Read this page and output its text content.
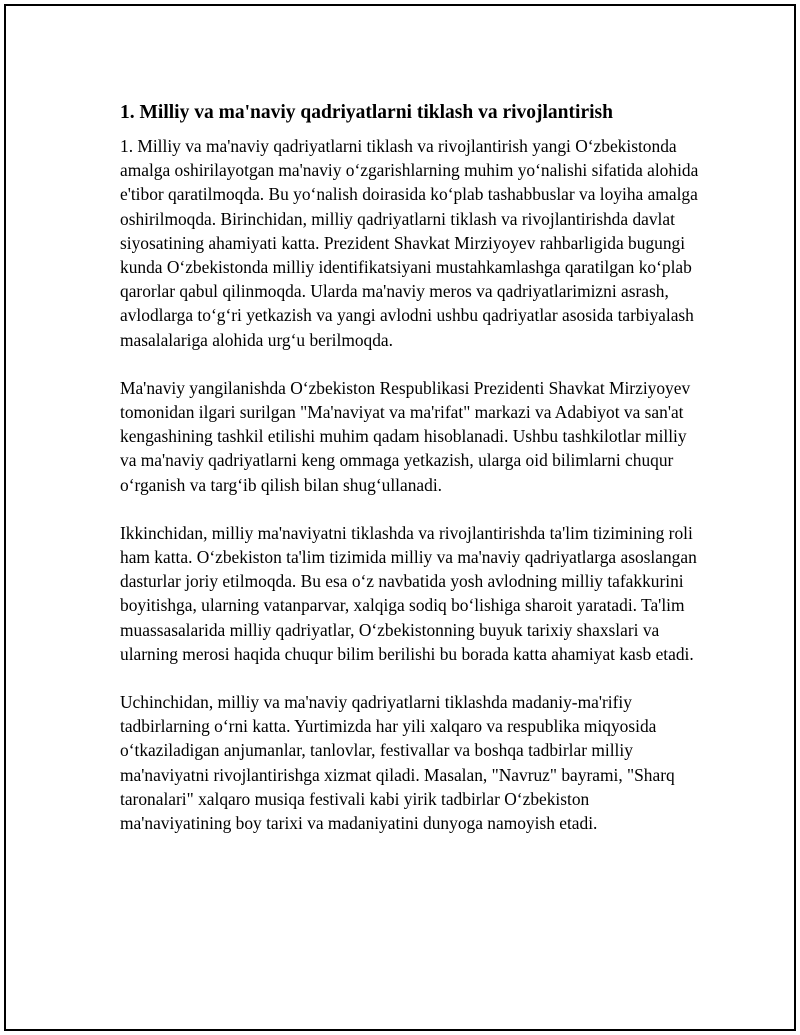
1. Milliy va ma'naviy qadriyatlarni tiklash va rivojlantirish

1. Milliy va ma'naviy qadriyatlarni tiklash va rivojlantirish yangi O‘zbekistonda amalga oshirilayotgan ma'naviy o‘zgarishlarning muhim yo‘nalishi sifatida alohida e'tibor qaratilmoqda. Bu yo‘nalish doirasida ko‘plab tashabbuslar va loyiha amalga oshirilmoqda. Birinchidan, milliy qadriyatlarni tiklash va rivojlantirishda davlat siyosatining ahamiyati katta. Prezident Shavkat Mirziyoyev rahbarligida bugungi kunda O‘zbekistonda milliy identifikatsiyani mustahkamlashga qaratilgan ko‘plab qarorlar qabul qilinmoqda. Ularda ma'naviy meros va qadriyatlarimizni asrash, avlodlarga to‘g‘ri yetkazish va yangi avlodni ushbu qadriyatlar asosida tarbiyalash masalalariga alohida urg‘u berilmoqda.

Ma'naviy yangilanishda O‘zbekiston Respublikasi Prezidenti Shavkat Mirziyoyev tomonidan ilgari surilgan "Ma'naviyat va ma'rifat" markazi va Adabiyot va san'at kengashining tashkil etilishi muhim qadam hisoblanadi. Ushbu tashkilotlar milliy va ma'naviy qadriyatlarni keng ommaga yetkazish, ularga oid bilimlarni chuqur o‘rganish va targ‘ib qilish bilan shug‘ullanadi.

Ikkinchidan, milliy ma'naviyatni tiklashda va rivojlantirishda ta'lim tizimining roli ham katta. O‘zbekiston ta'lim tizimida milliy va ma'naviy qadriyatlarga asoslangan dasturlar joriy etilmoqda. Bu esa o‘z navbatida yosh avlodning milliy tafakkurini boyitishga, ularning vatanparvar, xalqiga sodiq bo‘lishiga sharoit yaratadi. Ta'lim muassasalarida milliy qadriyatlar, O‘zbekistonning buyuk tarixiy shaxslari va ularning merosi haqida chuqur bilim berilishi bu borada katta ahamiyat kasb etadi.

Uchinchidan, milliy va ma'naviy qadriyatlarni tiklashda madaniy-ma'rifiy tadbirlarning o‘rni katta. Yurtimizda har yili xalqaro va respublika miqyosida o‘tkaziladigan anjumanlar, tanlovlar, festivallar va boshqa tadbirlar milliy ma'naviyatni rivojlantirishga xizmat qiladi. Masalan, "Navruz" bayrami, "Sharq taronalari" xalqaro musiqa festivali kabi yirik tadbirlar O‘zbekiston ma'naviyatining boy tarixi va madaniyatini dunyoga namoyish etadi.
